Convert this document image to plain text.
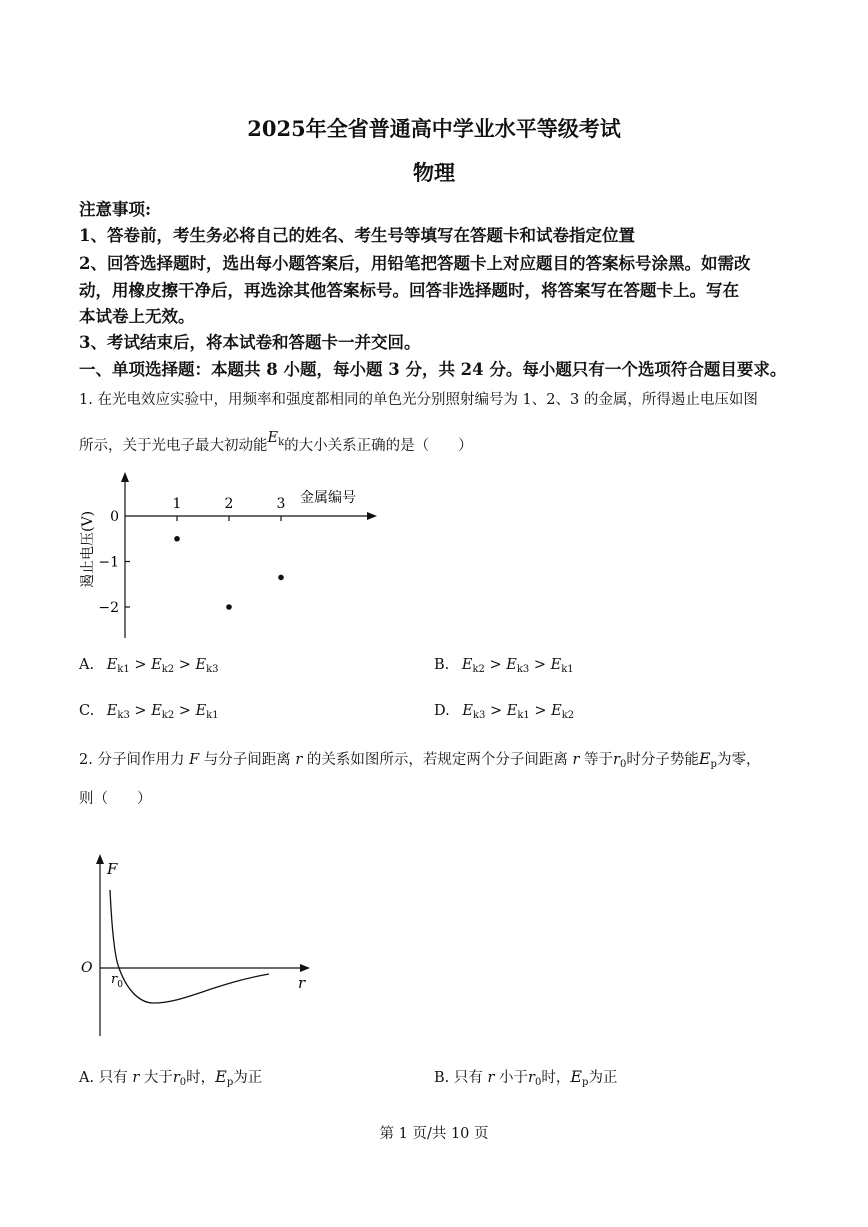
2025年全省普通高中学业水平等级考试
物理
注意事项:
1、答卷前，考生务必将自己的姓名、考生号等填写在答题卡和试卷指定位置
2、回答选择题时，选出每小题答案后，用铅笔把答题卡上对应题目的答案标号涂黑。如需改
动，用橡皮擦干净后，再选涂其他答案标号。回答非选择题时，将答案写在答题卡上。写在
本试卷上无效。
3、考试结束后，将本试卷和答题卡一并交回。
一、单项选择题：本题共 8 小题，每小题 3 分，共 24 分。每小题只有一个选项符合题目要求。
1. 在光电效应实验中，用频率和强度都相同的单色光分别照射编号为 1、2、3 的金属，所得遏止电压如图
所示，关于光电子最大初动能$E_k$的大小关系正确的是（　　）
1	2	3
0
−1
−2
金属编号
遏止电压(V)
A. $E_{k1} > E_{k2} > E_{k3}$	B. $E_{k2} > E_{k3} > E_{k1}$
C. $E_{k3} > E_{k2} > E_{k1}$	D. $E_{k3} > E_{k1} > E_{k2}$
2. 分子间作用力 F 与分子间距离 r 的关系如图所示，若规定两个分子间距离 r 等于$r_0$时分子势能$E_p$为零，
则（　　）
F
r
O
$r_0$
A. 只有 r 大于$r_0$时，$E_p$为正	B. 只有 r 小于$r_0$时，$E_p$为正
第 1 页/共 10 页
